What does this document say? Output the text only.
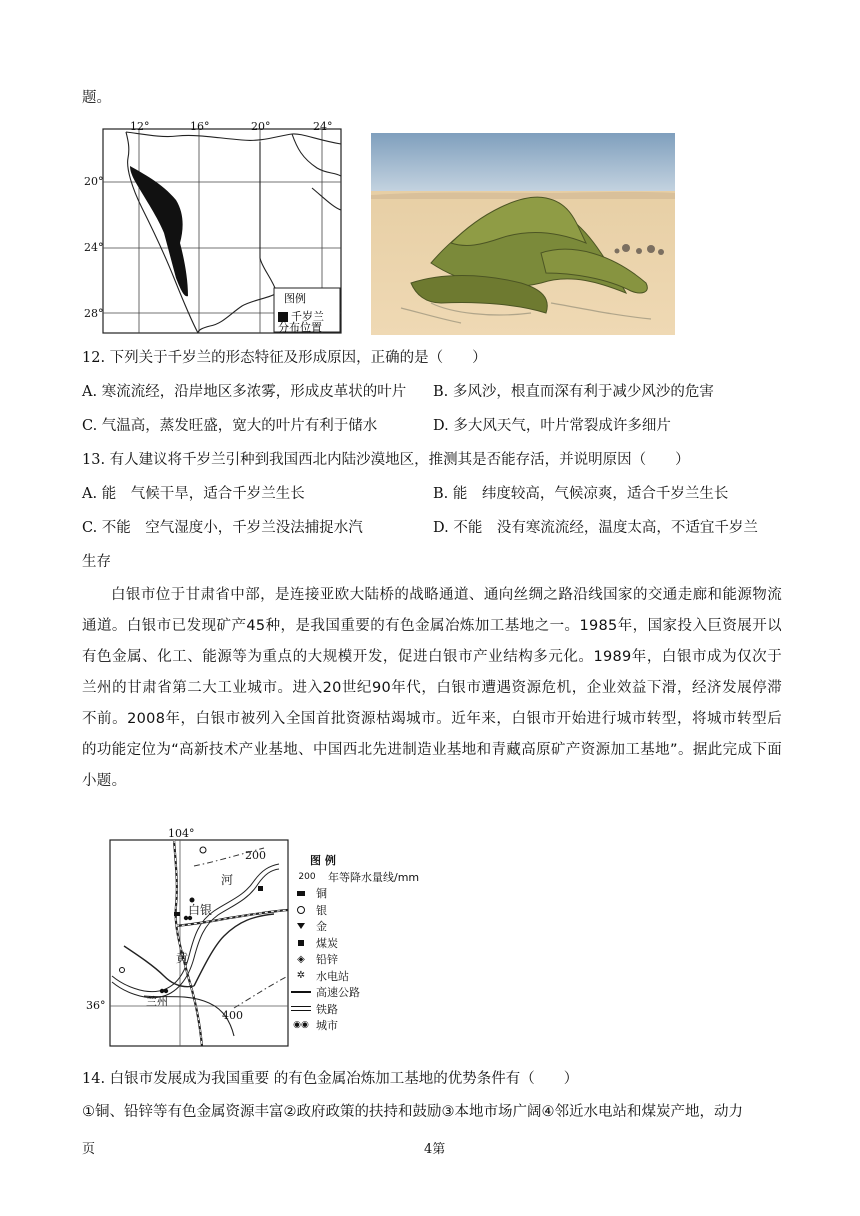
题。
图例
千岁兰
分布位置
12°	16°	20°	24°
20°
24°
28°
12. 下列关于千岁兰的形态特征及形成原因，正确的是（　　）
A. 寒流流经，沿岸地区多浓雾，形成皮革状的叶片 B. 多风沙，根直而深有利于减少风沙的危害
C. 气温高，蒸发旺盛，宽大的叶片有利于储水	D. 多大风天气，叶片常裂成许多细片
13. 有人建议将千岁兰引种到我国西北内陆沙漠地区，推测其是否能存活，并说明原因（　　）
A. 能　气候干旱，适合千岁兰生长	B. 能　纬度较高，气候凉爽，适合千岁兰生长
C. 不能　空气湿度小，千岁兰没法捕捉水汽	D. 不能　没有寒流流经，温度太高，不适宜千岁兰
生存
白银市位于甘肃省中部，是连接亚欧大陆桥的战略通道、通向丝绸之路沿线国家的交通走廊和能源物流通道。白银市已发现矿产45种，是我国重要的有色金属冶炼加工基地之一。1985年，国家投入巨资展开以有色金属、化工、能源等为重点的大规模开发，促进白银市产业结构多元化。1989年，白银市成为仅次于兰州的甘肃省第二大工业城市。进入20世纪90年代，白银市遭遇资源危机，企业效益下滑，经济发展停滞不前。2008年，白银市被列入全国首批资源枯竭城市。近年来，白银市开始进行城市转型，将城市转型后的功能定位为“高新技术产业基地、中国西北先进制造业基地和青藏高原矿产资源加工基地”。据此完成下面小题。
104°
36°
200
400
河
黄
白银
兰州
图 例
200	年等降水量线/mm
铜
银
金
煤炭
◈	铅锌
✲ 水电站
高速公路
铁路
◉◉ 城市
14. 白银市发展成为我国重要 的有色金属冶炼加工基地的优势条件有（　　）
①铜、铅锌等有色金属资源丰富②政府政策的扶持和鼓励③本地市场广阔④邻近水电站和煤炭产地，动力
页	4第
